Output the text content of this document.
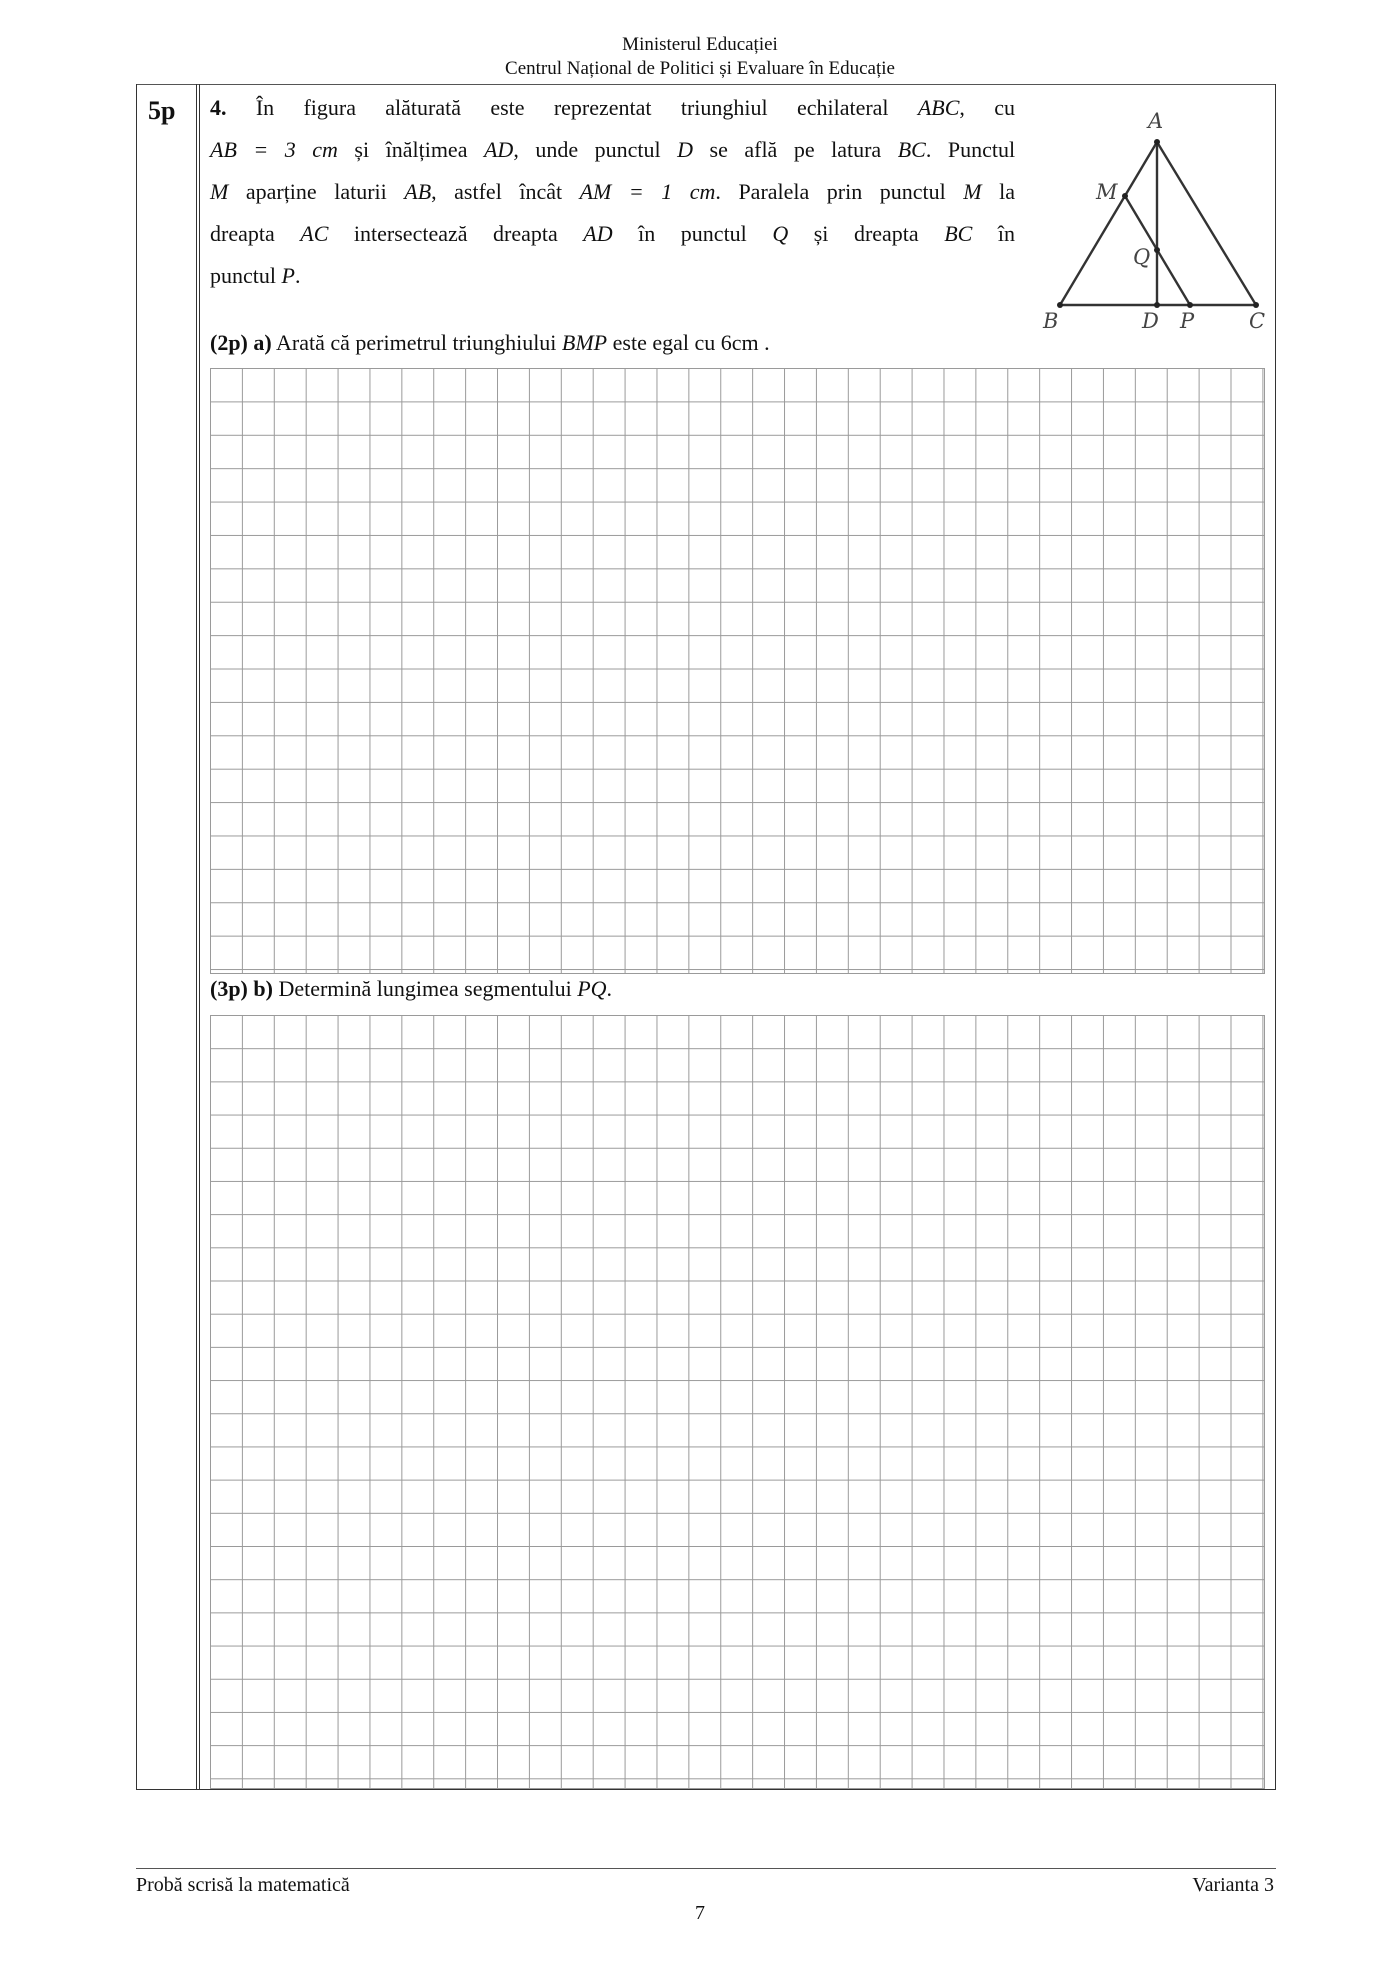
Ministerul Educației
Centrul Național de Politici și Evaluare în Educație
5p 4. În figura alăturată este reprezentat triunghiul echilateral ABC, cu

AB = 3 cm și înălțimea AD, unde punctul D se află pe latura BC. Punctul

M aparține laturii AB, astfel încât AM = 1 cm. Paralela prin punctul M la

dreapta AC intersectează dreapta AD în punctul Q și dreapta BC în

punctul P.

A
M
Q
B	D P	C
(2p) a) Arată că perimetrul triunghiului BMP este egal cu 6cm .
(3p) b) Determină lungimea segmentului PQ.
Probă scrisă la matematică	Varianta 3
7
